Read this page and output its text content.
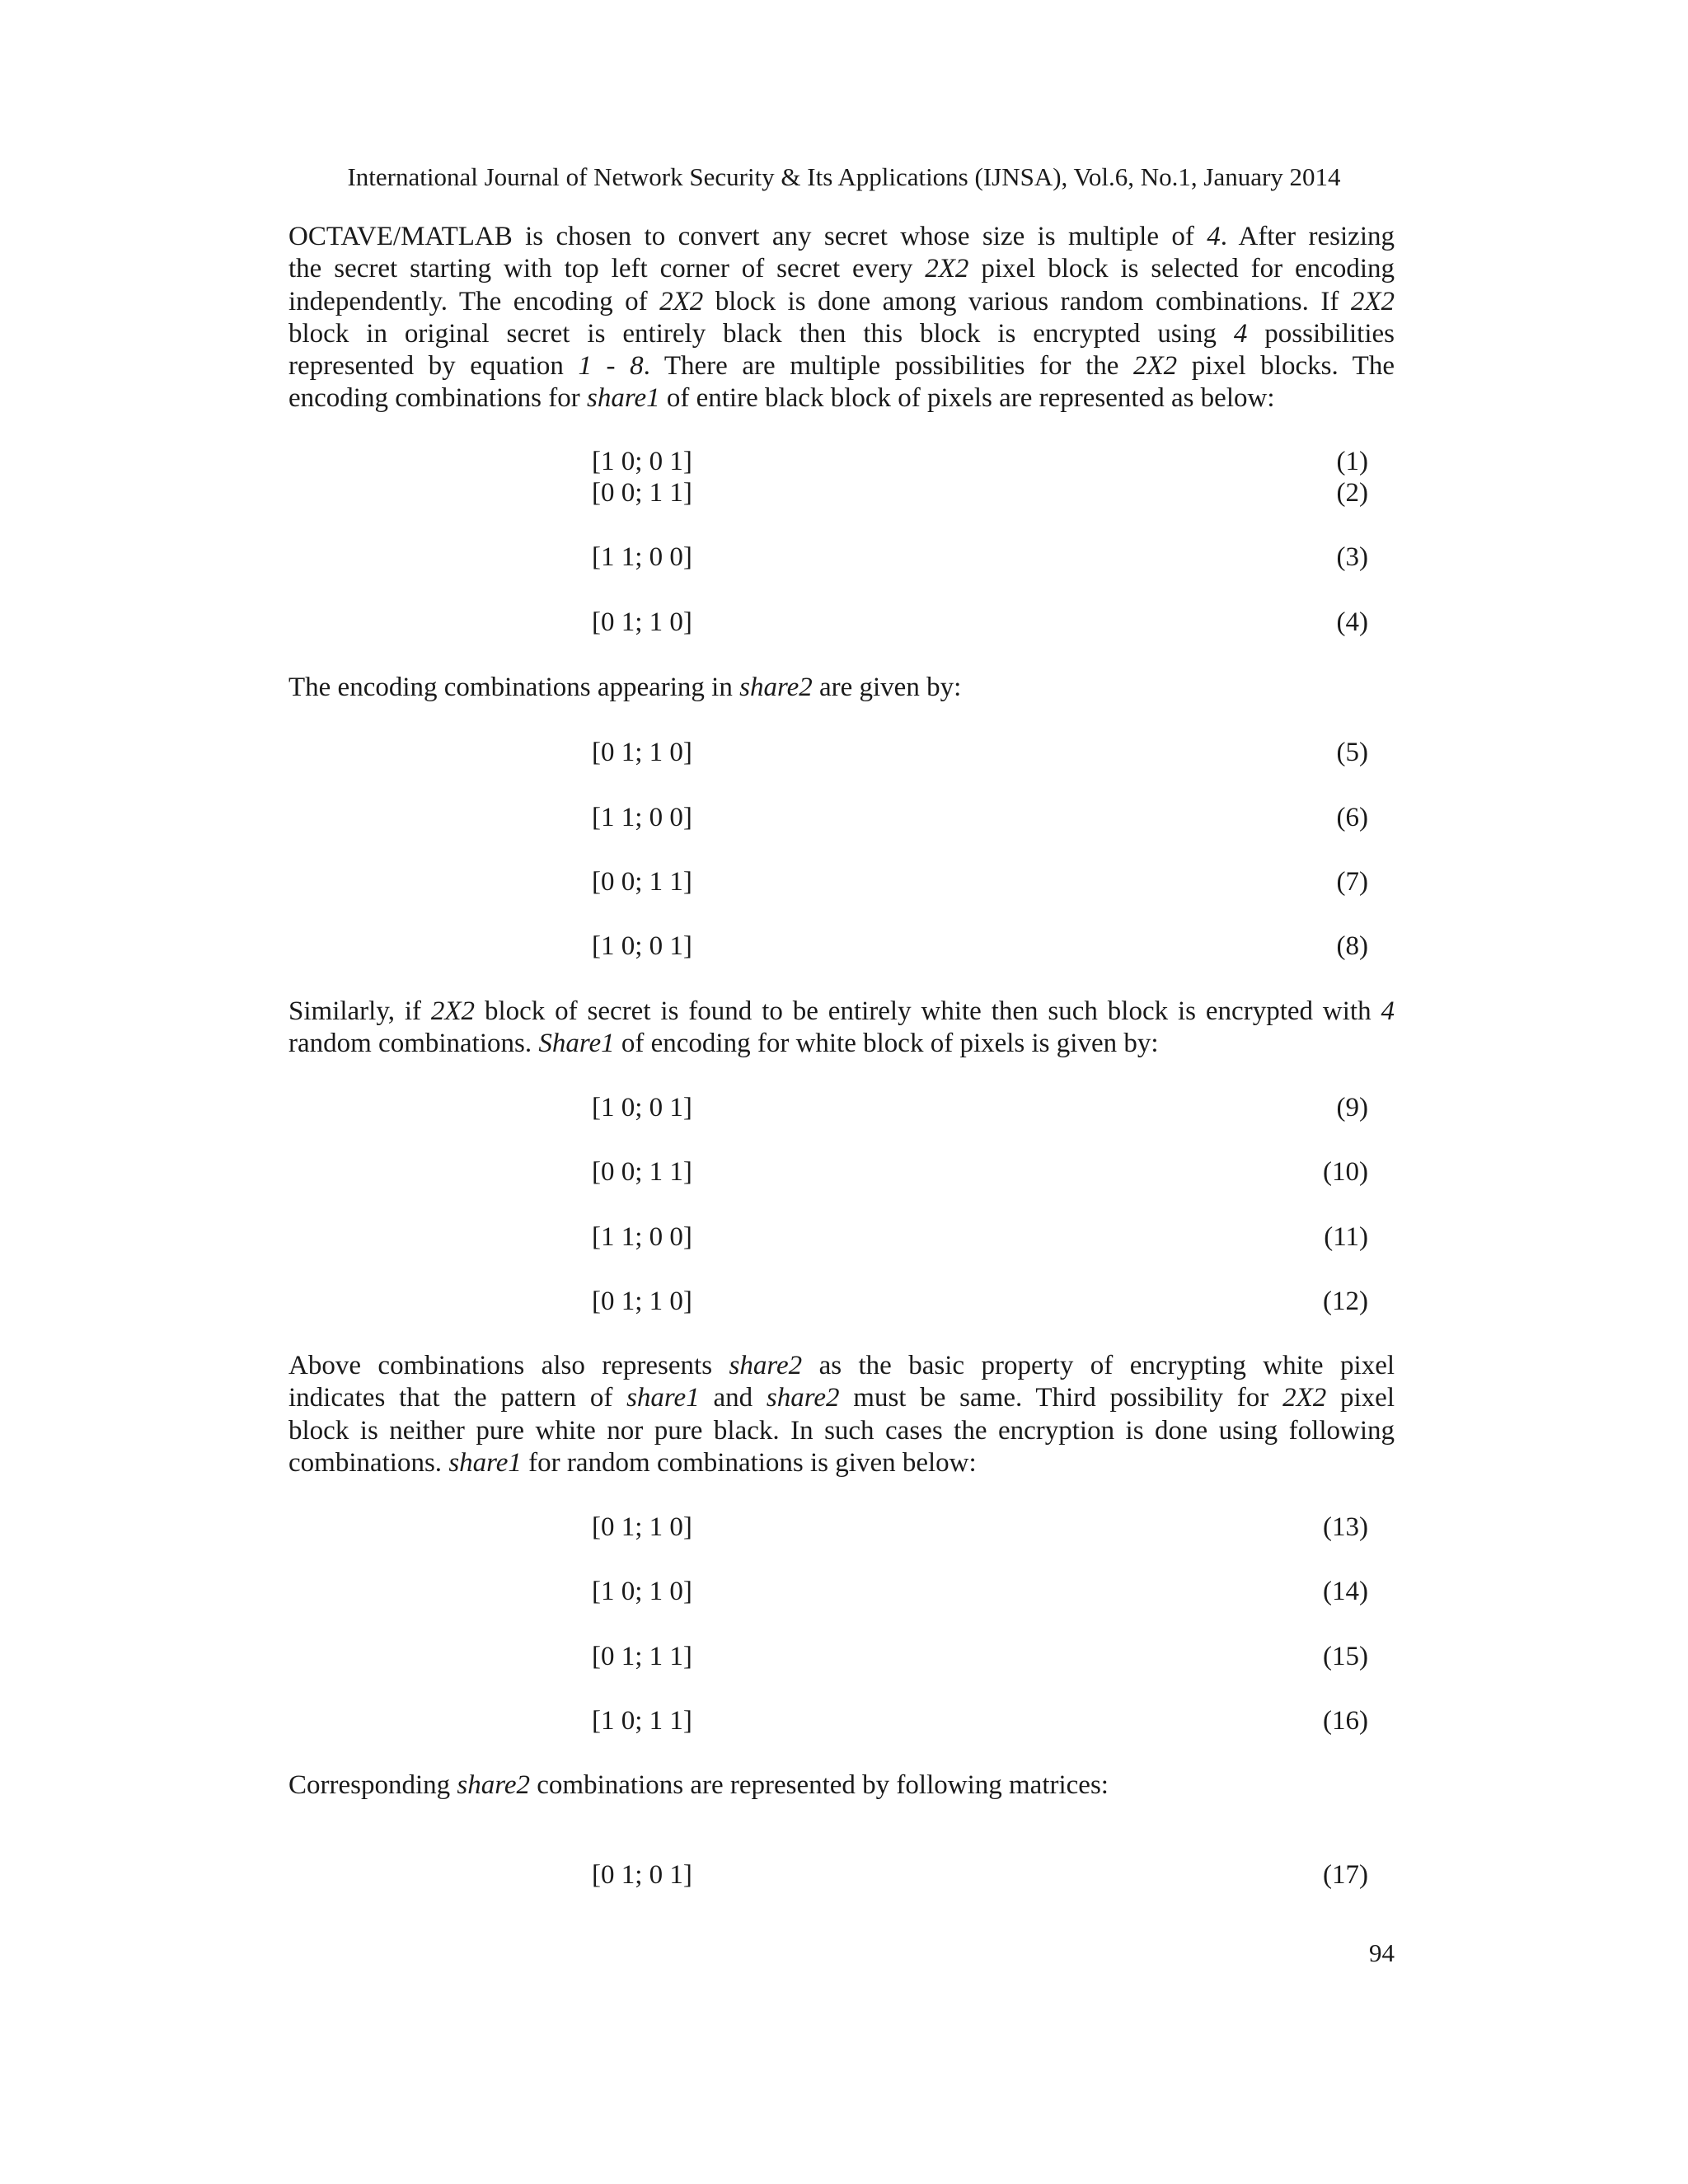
International Journal of Network Security & Its Applications (IJNSA), Vol.6, No.1, January 2014

OCTAVE/MATLAB is chosen to convert any secret whose size is multiple of 4. After resizing
the secret starting with top left corner of secret every 2X2 pixel block is selected for encoding
independently. The encoding of 2X2 block is done among various random combinations. If 2X2
block in original secret is entirely black then this block is encrypted using 4 possibilities
represented by equation 1 - 8. There are multiple possibilities for the 2X2 pixel blocks. The
encoding combinations for share1 of entire black block of pixels are represented as below:

[1 0; 0 1]	(1)
[0 0; 1 1]	(2)
[1 1; 0 0]	(3)
[0 1; 1 0]	(4)

The encoding combinations appearing in share2 are given by:

[0 1; 1 0]	(5)
[1 1; 0 0]	(6)
[0 0; 1 1]	(7)
[1 0; 0 1]	(8)

Similarly, if 2X2 block of secret is found to be entirely white then such block is encrypted with 4
random combinations. Share1 of encoding for white block of pixels is given by:

[1 0; 0 1]	(9)
[0 0; 1 1]	(10)
[1 1; 0 0]	(11)
[0 1; 1 0]	(12)

Above combinations also represents share2 as the basic property of encrypting white pixel
indicates that the pattern of share1 and share2 must be same. Third possibility for 2X2 pixel
block is neither pure white nor pure black. In such cases the encryption is done using following
combinations. share1 for random combinations is given below:

[0 1; 1 0]	(13)
[1 0; 1 0]	(14)
[0 1; 1 1]	(15)
[1 0; 1 1]	(16)

Corresponding share2 combinations are represented by following matrices:

[0 1; 0 1]	(17)
94
